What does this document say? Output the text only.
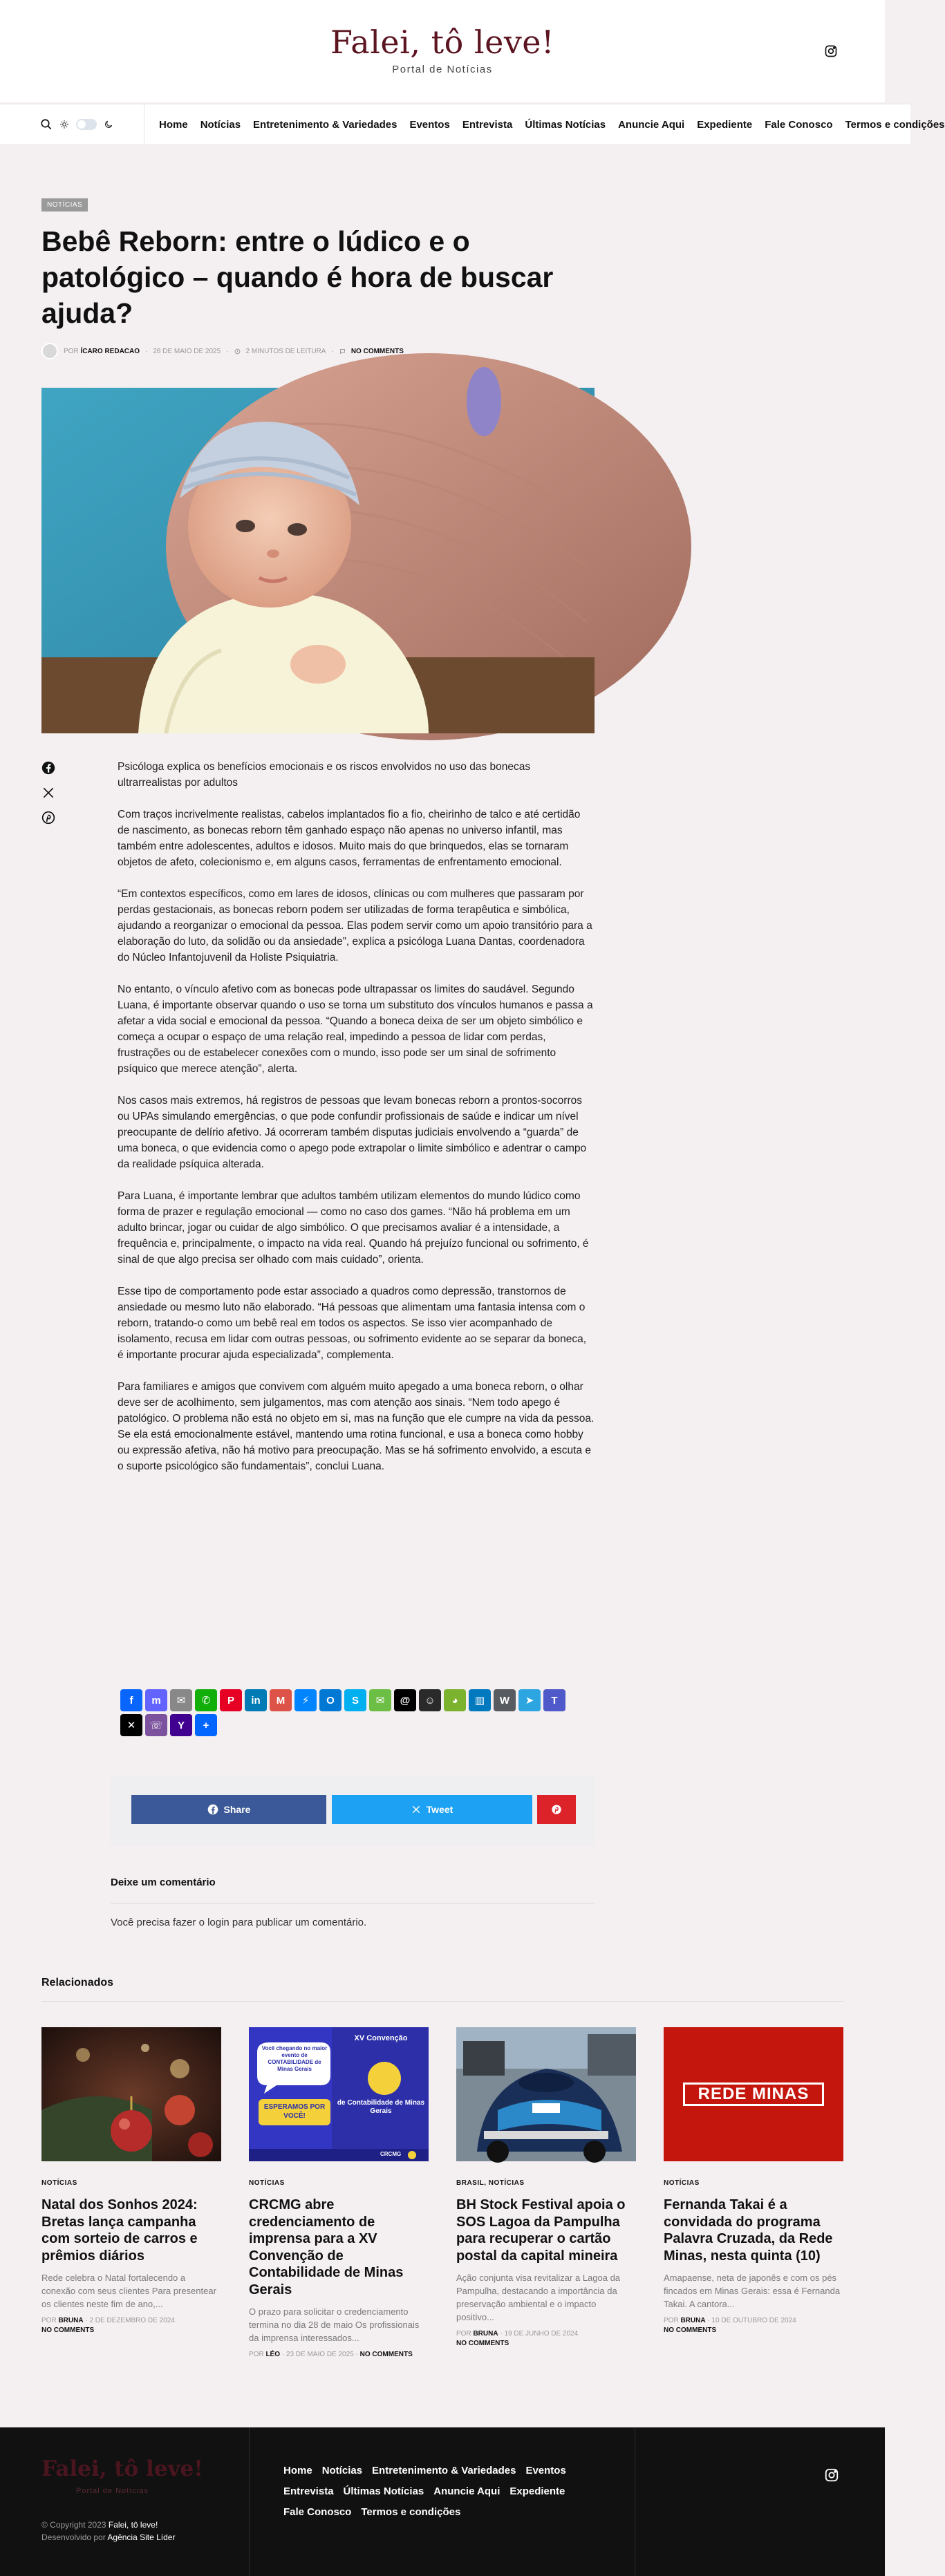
Falei, tô leve!
Portal de Notícias
Home Notícias Entretenimento & Variedades Eventos Entrevista Últimas Notícias Anuncie Aqui Expediente Fale Conosco Termos e condições
NOTÍCIAS
Bebê Reborn: entre o lúdico e o patológico – quando é hora de buscar ajuda?
POR ÍCARO REDACAO · 28 DE MAIO DE 2025 ·	2 MINUTOS DE LEITURA ·	NO COMMENTS

Psicóloga explica os benefícios emocionais e os riscos envolvidos no uso das bonecas ultrarrealistas por adultos

Com traços incrivelmente realistas, cabelos implantados fio a fio, cheirinho de talco e até certidão de nascimento, as bonecas reborn têm ganhado espaço não apenas no universo infantil, mas também entre adolescentes, adultos e idosos. Muito mais do que brinquedos, elas se tornaram objetos de afeto, colecionismo e, em alguns casos, ferramentas de enfrentamento emocional.

“Em contextos específicos, como em lares de idosos, clínicas ou com mulheres que passaram por perdas gestacionais, as bonecas reborn podem ser utilizadas de forma terapêutica e simbólica, ajudando a reorganizar o emocional da pessoa. Elas podem servir como um apoio transitório para a elaboração do luto, da solidão ou da ansiedade”, explica a psicóloga Luana Dantas, coordenadora do Núcleo Infantojuvenil da Holiste Psiquiatria.

No entanto, o vínculo afetivo com as bonecas pode ultrapassar os limites do saudável. Segundo Luana, é importante observar quando o uso se torna um substituto dos vínculos humanos e passa a afetar a vida social e emocional da pessoa. “Quando a boneca deixa de ser um objeto simbólico e começa a ocupar o espaço de uma relação real, impedindo a pessoa de lidar com perdas, frustrações ou de estabelecer conexões com o mundo, isso pode ser um sinal de sofrimento psíquico que merece atenção”, alerta.

Nos casos mais extremos, há registros de pessoas que levam bonecas reborn a prontos-socorros ou UPAs simulando emergências, o que pode confundir profissionais de saúde e indicar um nível preocupante de delírio afetivo. Já ocorreram também disputas judiciais envolvendo a “guarda” de uma boneca, o que evidencia como o apego pode extrapolar o limite simbólico e adentrar o campo da realidade psíquica alterada.

Para Luana, é importante lembrar que adultos também utilizam elementos do mundo lúdico como forma de prazer e regulação emocional — como no caso dos games. “Não há problema em um adulto brincar, jogar ou cuidar de algo simbólico. O que precisamos avaliar é a intensidade, a frequência e, principalmente, o impacto na vida real. Quando há prejuízo funcional ou sofrimento, é sinal de que algo precisa ser olhado com mais cuidado”, orienta.

Esse tipo de comportamento pode estar associado a quadros como depressão, transtornos de ansiedade ou mesmo luto não elaborado. “Há pessoas que alimentam uma fantasia intensa com o reborn, tratando-o como um bebê real em todos os aspectos. Se isso vier acompanhado de isolamento, recusa em lidar com outras pessoas, ou sofrimento evidente ao se separar da boneca, é importante procurar ajuda especializada”, complementa.

Para familiares e amigos que convivem com alguém muito apegado a uma boneca reborn, o olhar deve ser de acolhimento, sem julgamentos, mas com atenção aos sinais. “Nem todo apego é patológico. O problema não está no objeto em si, mas na função que ele cumpre na vida da pessoa. Se ela está emocionalmente estável, mantendo uma rotina funcional, e usa a boneca como hobby ou expressão afetiva, não há motivo para preocupação. Mas se há sofrimento envolvido, a escuta e o suporte psicológico são fundamentais”, conclui Luana.

f	m	✉	✆	P	in	M	⚡	O	S	✉	@	☺	◕	▥	W	➤	T
✕	☏	Y	+
Share	Tweet
Deixe um comentário
Você precisa fazer o login para publicar um comentário.
Relacionados
NOTÍCIAS
Natal dos Sonhos 2024: Bretas lança campanha com sorteio de carros e prêmios diários
Rede celebra o Natal fortalecendo a conexão com seus clientes Para presentear os clientes neste fim de ano,...
POR BRUNA · 2 DE DEZEMBRO DE 2024
NO COMMENTS
Você chegando no maior evento de CONTABILIDADE de Minas Gerais
ESPERAMOS POR VOCÊ!
XV Convenção
de Contabilidade de Minas Gerais
CRCMG
NOTÍCIAS
CRCMG abre credenciamento de imprensa para a XV Convenção de Contabilidade de Minas Gerais
O prazo para solicitar o credenciamento termina no dia 28 de maio Os profissionais da imprensa interessados...
POR LÉO · 23 DE MAIO DE 2025 · NO COMMENTS
BRASIL, NOTÍCIAS
BH Stock Festival apoia o SOS Lagoa da Pampulha para recuperar o cartão postal da capital mineira
Ação conjunta visa revitalizar a Lagoa da Pampulha, destacando a importância da preservação ambiental e o impacto positivo...
POR BRUNA · 19 DE JUNHO DE 2024
NO COMMENTS
REDE MINAS
NOTÍCIAS
Fernanda Takai é a convidada do programa Palavra Cruzada, da Rede Minas, nesta quinta (10)
Amapaense, neta de japonês e com os pés fincados em Minas Gerais: essa é Fernanda Takai. A cantora...
POR BRUNA · 10 DE OUTUBRO DE 2024
NO COMMENTS
Falei, tô leve!
Portal de Notícias
© Copyright 2023 Falei, tô leve!
Desenvolvido por Agência Site Líder
Home Notícias Entretenimento & Variedades Eventos
Entrevista Últimas Notícias Anuncie Aqui Expediente
Fale Conosco Termos e condições
